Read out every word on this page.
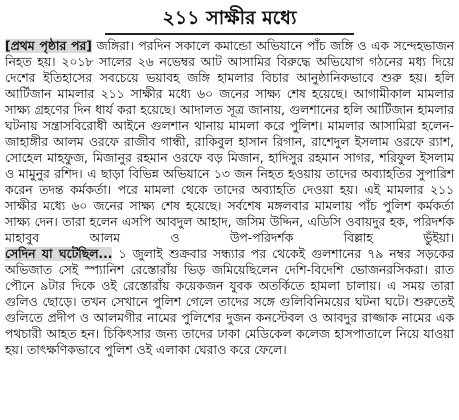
২১১ সাক্ষীর মধ্যে

[প্রথম পৃষ্ঠার পর] জঙ্গিরা। পরদিন সকালে কমান্ডো অভিযানে পাঁচ জঙ্গি ও এক সন্দেহভাজন নিহত হয়। ২০১৮ সালের ২৬ নভেম্বর আট আসামির বিরুদ্ধে অভিযোগ গঠনের মধ্য দিয়ে দেশের ইতিহাসের সবচেয়ে ভয়াবহ জঙ্গি হামলার বিচার আনুষ্ঠানিকভাবে শুরু হয়। হলি আর্টিজান মামলার ২১১ সাক্ষীর মধ্যে ৬০ জনের সাক্ষ্য শেষ হয়েছে। আগামীকাল মামলার সাক্ষ্য গ্রহণের দিন ধার্য করা হয়েছে। আদালত সূত্র জানায়, গুলশানের হলি আর্টিজান হামলার ঘটনায় সন্ত্রাসবিরোধী আইনে গুলশান থানায় মামলা করে পুলিশ। মামলার আসামিরা হলেন- জাহাঙ্গীর আলম ওরফে রাজীব গান্ধী, রাকিবুল হাসান রিগান, রাশেদুল ইসলাম ওরফে র‌্যাশ, সোহেল মাহফুজ, মিজানুর রহমান ওরফে বড় মিজান, হাদিসুর রহমান সাগর, শরিফুল ইসলাম ও মামুনুর রশিদ। এ ছাড়া বিভিন্ন অভিযানে ১৩ জন নিহত হওয়ায় তাদের অব্যাহতির সুপারিশ করেন তদন্ত কর্মকর্তা। পরে মামলা থেকে তাদের অব্যাহতি দেওয়া হয়। এই মামলার ২১১ সাক্ষীর মধ্যে ৬০ জনের সাক্ষ্য শেষ হয়েছে। সর্বশেষ মঙ্গলবার মামলায় পাঁচ পুলিশ কর্মকর্তা সাক্ষ্য দেন। তারা হলেন এসপি আবদুল আহাদ, জসিম উদ্দিন, এডিসি ওবায়দুর হক, পরিদর্শক মাহাবুব আলম ও উপ-পরিদর্শক বিল্লাহ ভুঁইয়া।

সেদিন যা ঘটেছিল... ১ জুলাই শুক্রবার সন্ধ্যার পর থেকেই গুলশানের ৭৯ নম্বর সড়কের অভিজাত সেই স্প্যানিশ রেস্তোরাঁয় ভিড় জমিয়েছিলেন দেশি-বিদেশি ভোজনরসিকরা। রাত পৌনে ৯টার দিকে ওই রেস্তোরাঁয় কয়েকজন যুবক অতর্কিতে হামলা চালায়। এ সময় তারা গুলিও ছোড়ে। তখন সেখানে পুলিশ গেলে তাদের সঙ্গে গুলিবিনিময়ের ঘটনা ঘটে। শুরুতেই গুলিতে প্রদীপ ও আলমগীর নামের পুলিশের দুজন কনস্টেবল ও আবদুর রাজ্জাক নামের এক পথচারী আহত হন। চিকিৎসার জন্য তাদের ঢাকা মেডিকেল কলেজ হাসপাতালে নিয়ে যাওয়া হয়। তাৎক্ষণিকভাবে পুলিশ ওই এলাকা ঘেরাও করে ফেলে।
